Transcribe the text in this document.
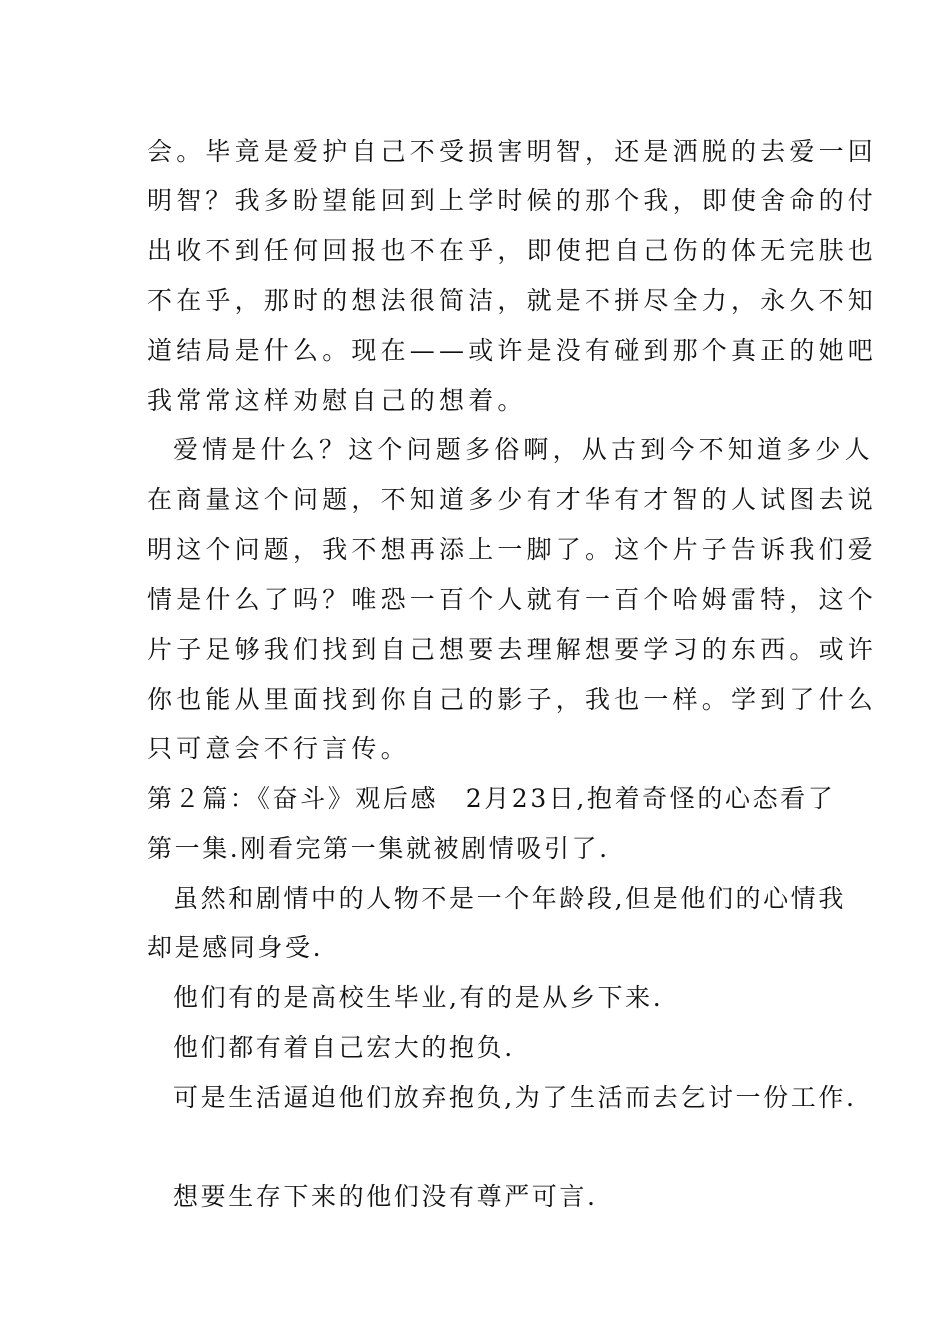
会。毕竟是爱护自己不受损害明智，还是洒脱的去爱一回
明智？我多盼望能回到上学时候的那个我，即使舍命的付
出收不到任何回报也不在乎，即使把自己伤的体无完肤也
不在乎，那时的想法很简洁，就是不拼尽全力，永久不知
道结局是什么。现在——或许是没有碰到那个真正的她吧
我常常这样劝慰自己的想着。
爱情是什么？这个问题多俗啊，从古到今不知道多少人
在商量这个问题，不知道多少有才华有才智的人试图去说
明这个问题，我不想再添上一脚了。这个片子告诉我们爱
情是什么了吗？唯恐一百个人就有一百个哈姆雷特，这个
片子足够我们找到自己想要去理解想要学习的东西。或许
你也能从里面找到你自己的影子，我也一样。学到了什么
只可意会不行言传。
第２篇：《奋斗》观后感　2月23日,抱着奇怪的心态看了
第一集.刚看完第一集就被剧情吸引了.
虽然和剧情中的人物不是一个年龄段,但是他们的心情我
却是感同身受.
他们有的是高校生毕业,有的是从乡下来.
他们都有着自己宏大的抱负.
可是生活逼迫他们放弃抱负,为了生活而去乞讨一份工作.
想要生存下来的他们没有尊严可言.
